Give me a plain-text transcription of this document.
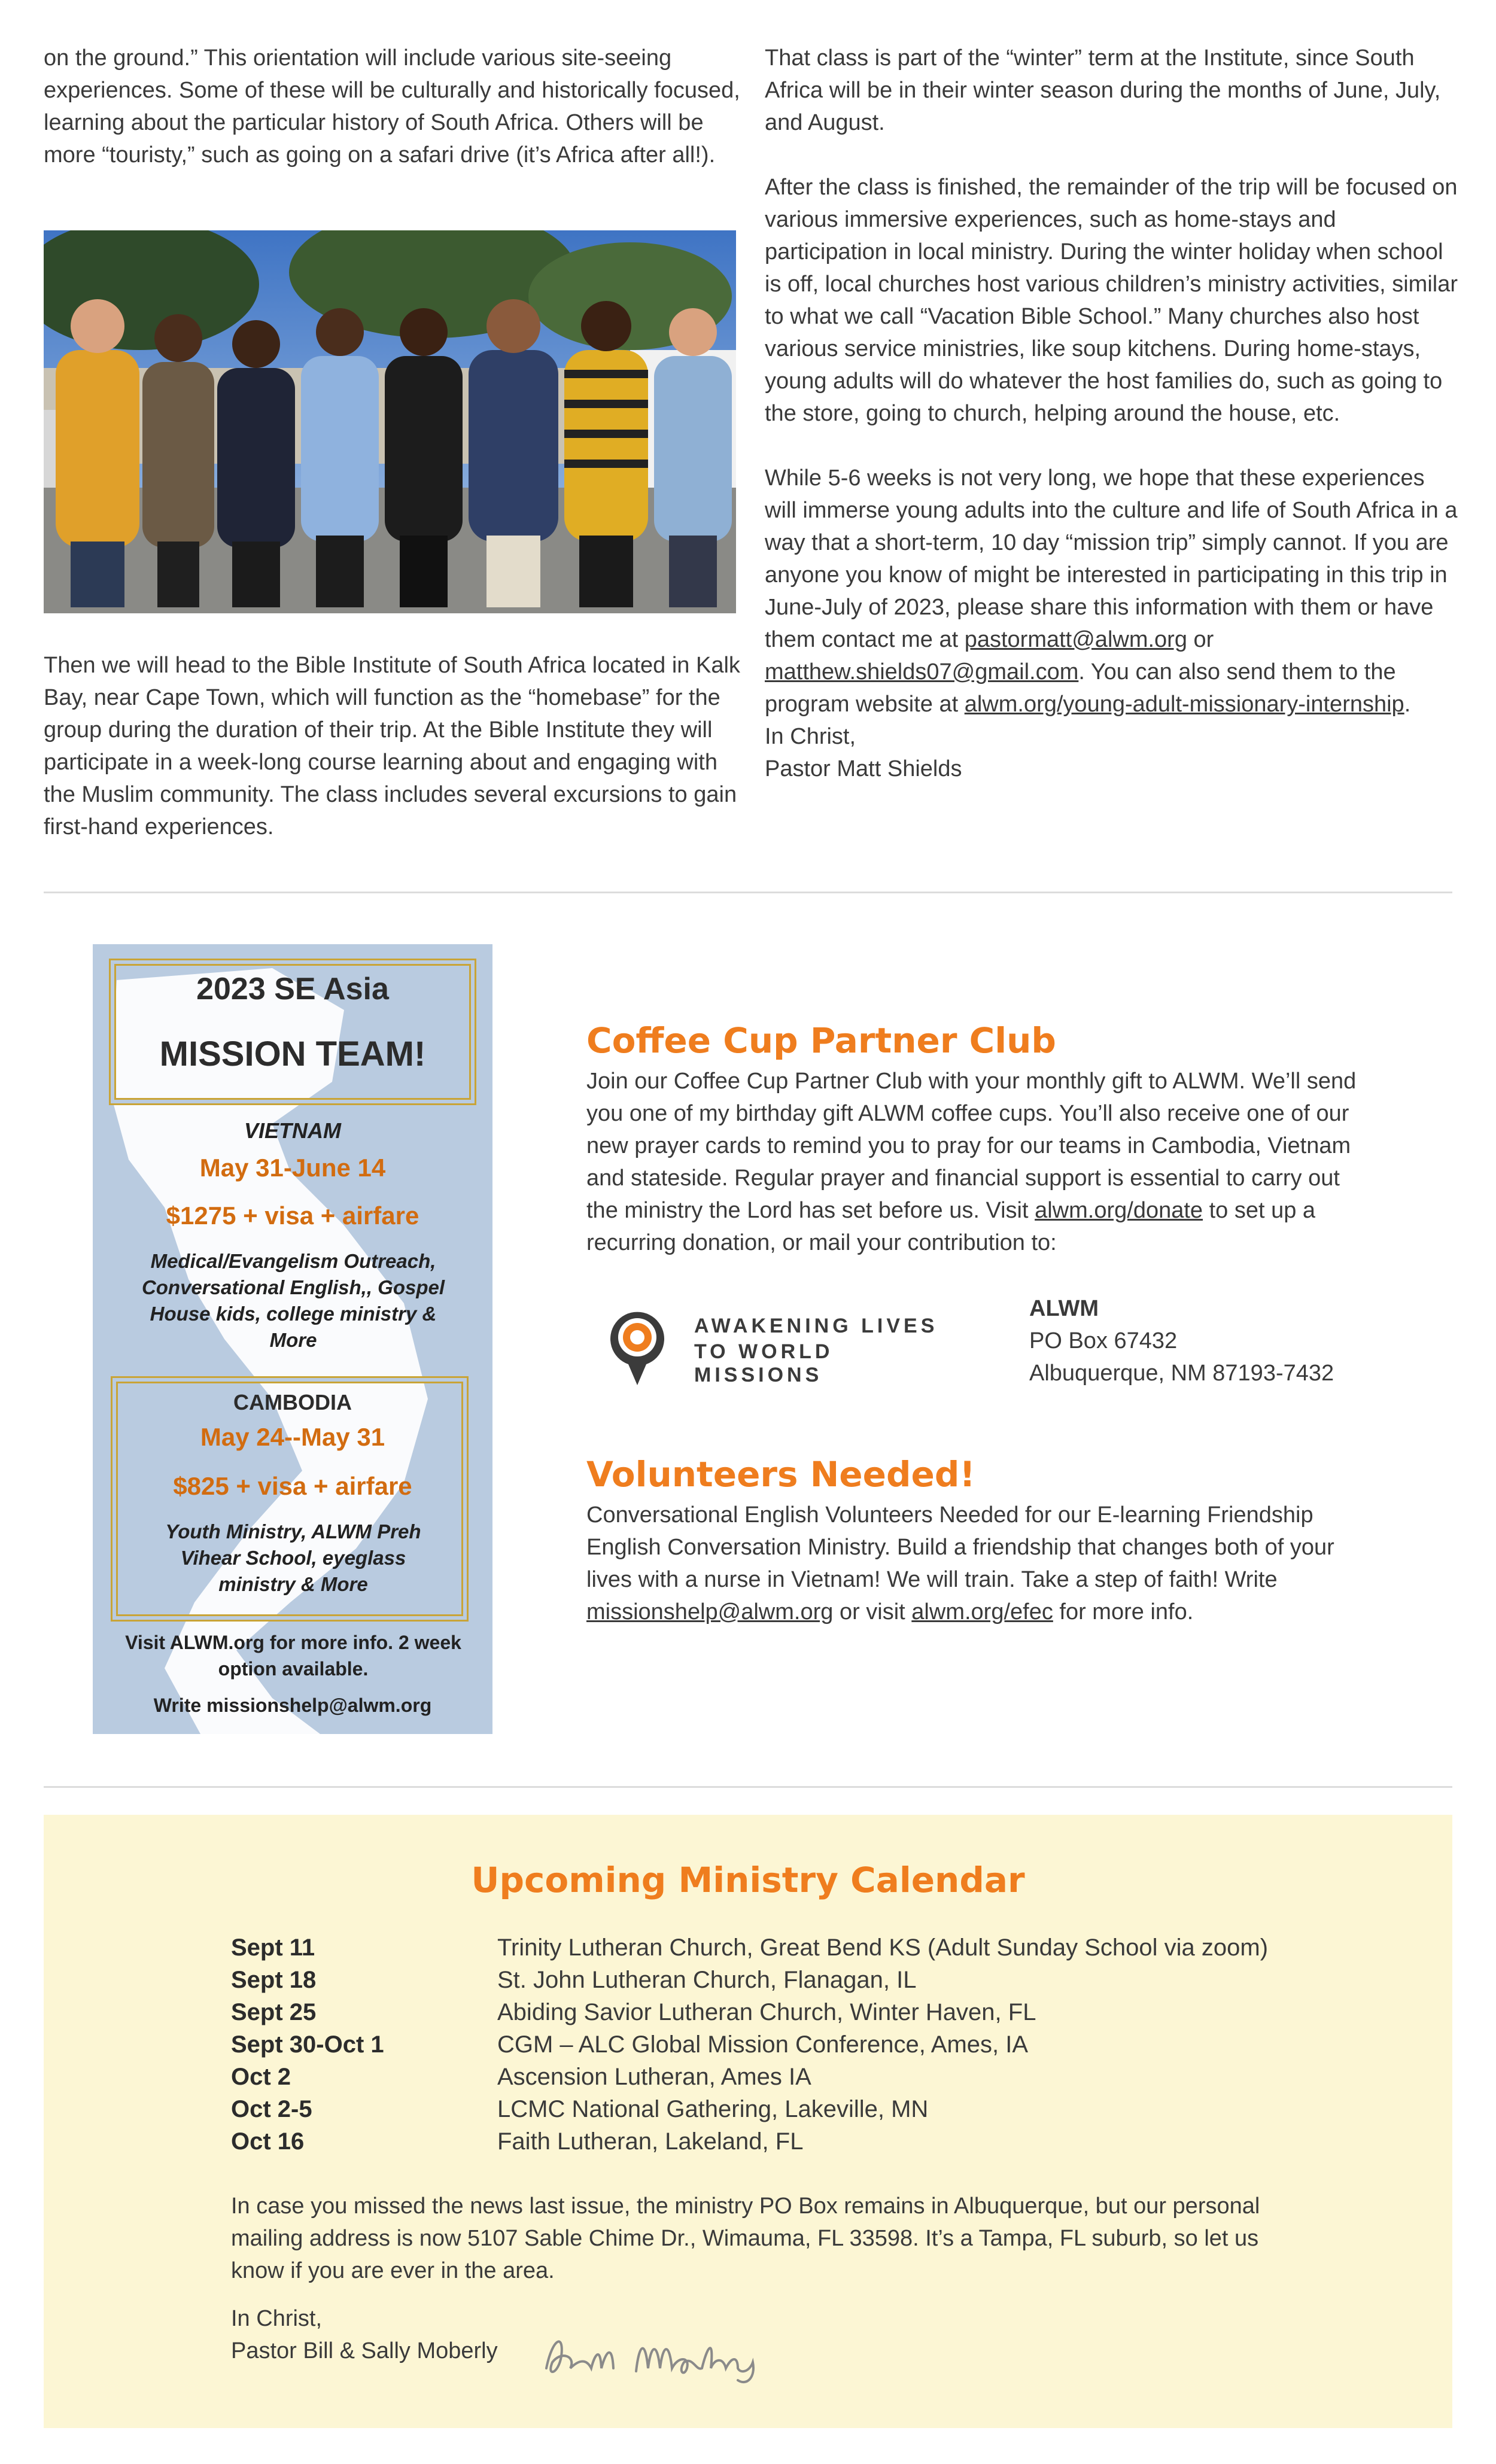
on the ground.” This orientation will include various site-seeing experiences. Some of these will be culturally and historically focused, learning about the particular history of South Africa. Others will be more “touristy,” such as going on a safari drive (it’s Africa after all!).

Then we will head to the Bible Institute of South Africa located in Kalk Bay, near Cape Town, which will function as the “homebase” for the group during the duration of their trip. At the Bible Institute they will participate in a week-long course learning about and engaging with the Muslim community. The class includes several excursions to gain first-hand experiences.

That class is part of the “winter” term at the Institute, since South Africa will be in their winter season during the months of June, July, and August.

After the class is finished, the remainder of the trip will be focused on various immersive experiences, such as home-stays and participation in local ministry. During the winter holiday when school is off, local churches host various children’s ministry activities, similar to what we call “Vacation Bible School.” Many churches also host various service ministries, like soup kitchens. During home-stays, young adults will do whatever the host families do, such as going to the store, going to church, helping around the house, etc.

While 5-6 weeks is not very long, we hope that these experiences will immerse young adults into the culture and life of South Africa in a way that a short-term, 10 day “mission trip” simply cannot. If you are anyone you know of might be interested in participating in this trip in June-July of 2023, please share this information with them or have them contact me at pastormatt@alwm.org or matthew.shields07@gmail.com. You can also send them to the program website at alwm.org/young-adult-missionary-internship.

In Christ,

Pastor Matt Shields

2023 SE Asia
MISSION TEAM!
VIETNAM
May 31-June 14
$1275 + visa + airfare
Medical/Evangelism Outreach, Conversational English,, Gospel House kids, college ministry & More
CAMBODIA
May 24--May 31
$825 + visa + airfare
Youth Ministry, ALWM Preh Vihear School, eyeglass ministry & More
Visit ALWM.org for more info. 2 week option available.
Write missionshelp@alwm.org
Coffee Cup Partner Club

Join our Coffee Cup Partner Club with your monthly gift to ALWM. We’ll send you one of my birthday gift ALWM coffee cups. You’ll also receive one of our new prayer cards to remind you to pray for our teams in Cambodia, Vietnam and stateside. Regular prayer and financial support is essential to carry out the ministry the Lord has set before us. Visit alwm.org/donate to set up a recurring donation, or mail your contribution to:

AWAKENING LIVES
TO WORLD MISSIONS

ALWM

PO Box 67432

Albuquerque, NM 87193-7432

Volunteers Needed!

Conversational English Volunteers Needed for our E-learning Friendship English Conversation Ministry. Build a friendship that changes both of your lives with a nurse in Vietnam! We will train. Take a step of faith! Write missionshelp@alwm.org or visit alwm.org/efec for more info.

Upcoming Ministry Calendar
Sept 11	Trinity Lutheran Church, Great Bend KS (Adult Sunday School via zoom)
Sept 18	St. John Lutheran Church, Flanagan, IL
Sept 25	Abiding Savior Lutheran Church, Winter Haven, FL
Sept 30-Oct 1	CGM – ALC Global Mission Conference, Ames, IA
Oct 2	Ascension Lutheran, Ames IA
Oct 2-5	LCMC National Gathering, Lakeville, MN
Oct 16	Faith Lutheran, Lakeland, FL

In case you missed the news last issue, the ministry PO Box remains in Albuquerque, but our personal mailing address is now 5107 Sable Chime Dr., Wimauma, FL 33598. It’s a Tampa, FL suburb, so let us know if you are ever in the area.

In Christ,

Pastor Bill & Sally Moberly
